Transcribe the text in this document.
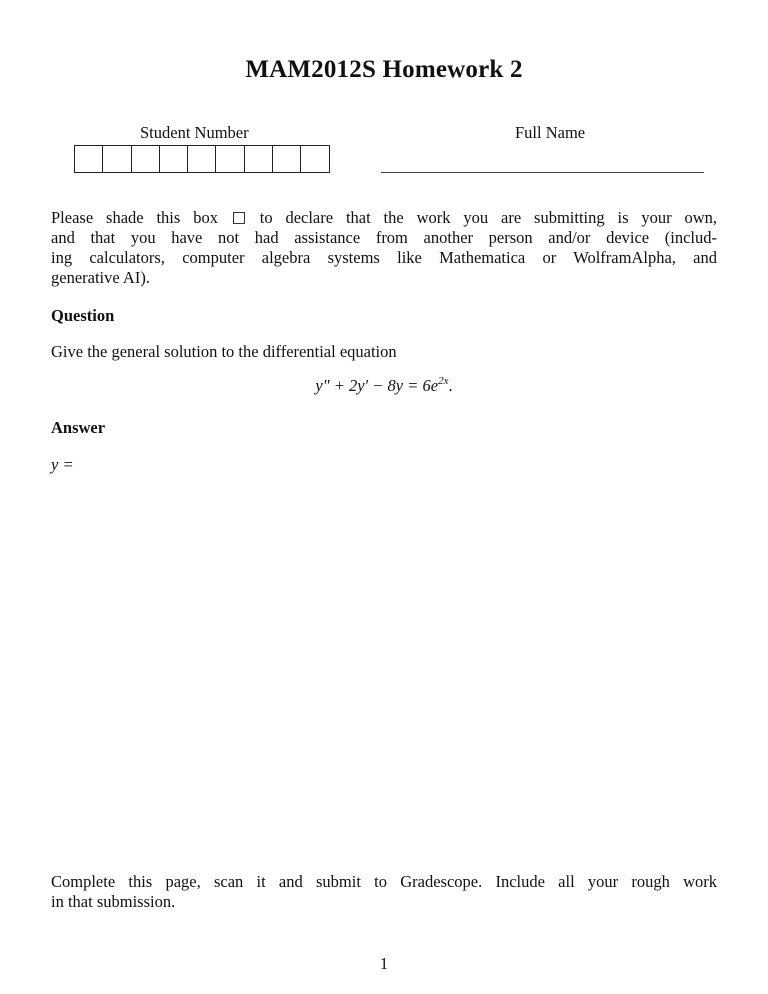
MAM2012S Homework 2
Student Number	Full Name
Please shade this box	to declare that the work you are submitting is your own,
and that you have not had assistance from another person and/or device (includ-
ing calculators, computer algebra systems like Mathematica or WolframAlpha, and
generative AI).
Question
Give the general solution to the differential equation
$y'' + 2y' - 8y = 6e^{2x}$.
Answer
y =
Complete this page, scan it and submit to Gradescope. Include all your rough work
in that submission.
1
